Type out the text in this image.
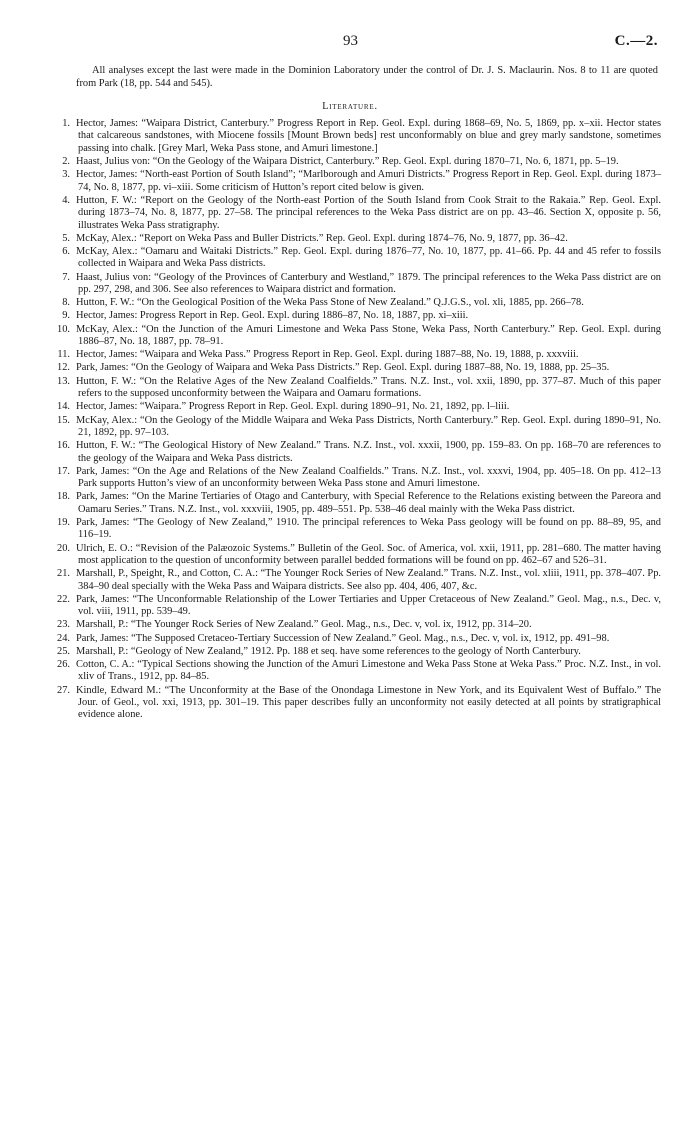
93	C.—2.

All analyses except the last were made in the Dominion Laboratory under the control of Dr. J. S. Maclaurin. Nos. 8 to 11 are quoted from Park (18, pp. 544 and 545).

Literature.
1. Hector, James: “Waipara District, Canterbury.” Progress Report in Rep. Geol. Expl. during 1868–69, No. 5, 1869, pp. x–xii. Hector states that calcareous sandstones, with Miocene fossils [Mount Brown beds] rest unconformably on blue and grey marly sandstone, sometimes passing into chalk. [Grey Marl, Weka Pass stone, and Amuri limestone.]
2. Haast, Julius von: “On the Geology of the Waipara District, Canterbury.” Rep. Geol. Expl. during 1870–71, No. 6, 1871, pp. 5–19.
3. Hector, James: “North-east Portion of South Island”; “Marlborough and Amuri Districts.” Progress Report in Rep. Geol. Expl. during 1873–74, No. 8, 1877, pp. vi–xiii. Some criticism of Hutton’s report cited below is given.
4. Hutton, F. W.: “Report on the Geology of the North-east Portion of the South Island from Cook Strait to the Rakaia.” Rep. Geol. Expl. during 1873–74, No. 8, 1877, pp. 27–58. The principal references to the Weka Pass district are on pp. 43–46. Section X, opposite p. 56, illustrates Weka Pass stratigraphy.
5. McKay, Alex.: “Report on Weka Pass and Buller Districts.” Rep. Geol. Expl. during 1874–76, No. 9, 1877, pp. 36–42.
6. McKay, Alex.: “Oamaru and Waitaki Districts.” Rep. Geol. Expl. during 1876–77, No. 10, 1877, pp. 41–66. Pp. 44 and 45 refer to fossils collected in Waipara and Weka Pass districts.
7. Haast, Julius von: “Geology of the Provinces of Canterbury and Westland,” 1879. The principal references to the Weka Pass district are on pp. 297, 298, and 306. See also references to Waipara district and formation.
8. Hutton, F. W.: “On the Geological Position of the Weka Pass Stone of New Zealand.” Q.J.G.S., vol. xli, 1885, pp. 266–78.
9. Hector, James: Progress Report in Rep. Geol. Expl. during 1886–87, No. 18, 1887, pp. xi–xiii.
10. McKay, Alex.: “On the Junction of the Amuri Limestone and Weka Pass Stone, Weka Pass, North Canterbury.” Rep. Geol. Expl. during 1886–87, No. 18, 1887, pp. 78–91.
11. Hector, James: “Waipara and Weka Pass.” Progress Report in Rep. Geol. Expl. during 1887–88, No. 19, 1888, p. xxxviii.
12. Park, James: “On the Geology of Waipara and Weka Pass Districts.” Rep. Geol. Expl. during 1887–88, No. 19, 1888, pp. 25–35.
13. Hutton, F. W.: “On the Relative Ages of the New Zealand Coalfields.” Trans. N.Z. Inst., vol. xxii, 1890, pp. 377–87. Much of this paper refers to the supposed unconformity between the Waipara and Oamaru formations.
14. Hector, James: “Waipara.” Progress Report in Rep. Geol. Expl. during 1890–91, No. 21, 1892, pp. l–liii.
15. McKay, Alex.: “On the Geology of the Middle Waipara and Weka Pass Districts, North Canterbury.” Rep. Geol. Expl. during 1890–91, No. 21, 1892, pp. 97–103.
16. Hutton, F. W.: “The Geological History of New Zealand.” Trans. N.Z. Inst., vol. xxxii, 1900, pp. 159–83. On pp. 168–70 are references to the geology of the Waipara and Weka Pass districts.
17. Park, James: “On the Age and Relations of the New Zealand Coalfields.” Trans. N.Z. Inst., vol. xxxvi, 1904, pp. 405–18. On pp. 412–13 Park supports Hutton’s view of an unconformity between Weka Pass stone and Amuri limestone.
18. Park, James: “On the Marine Tertiaries of Otago and Canterbury, with Special Reference to the Relations existing between the Pareora and Oamaru Series.” Trans. N.Z. Inst., vol. xxxviii, 1905, pp. 489–551. Pp. 538–46 deal mainly with the Weka Pass district.
19. Park, James: “The Geology of New Zealand,” 1910. The principal references to Weka Pass geology will be found on pp. 88–89, 95, and 116–19.
20. Ulrich, E. O.: “Revision of the Palæozoic Systems.” Bulletin of the Geol. Soc. of America, vol. xxii, 1911, pp. 281–680. The matter having most application to the question of unconformity between parallel bedded formations will be found on pp. 462–67 and 526–31.
21. Marshall, P., Speight, R., and Cotton, C. A.: “The Younger Rock Series of New Zealand.” Trans. N.Z. Inst., vol. xliii, 1911, pp. 378–407. Pp. 384–90 deal specially with the Weka Pass and Waipara districts. See also pp. 404, 406, 407, &c.
22. Park, James: “The Unconformable Relationship of the Lower Tertiaries and Upper Cretaceous of New Zealand.” Geol. Mag., n.s., Dec. v, vol. viii, 1911, pp. 539–49.
23. Marshall, P.: “The Younger Rock Series of New Zealand.” Geol. Mag., n.s., Dec. v, vol. ix, 1912, pp. 314–20.
24. Park, James: “The Supposed Cretaceo-Tertiary Succession of New Zealand.” Geol. Mag., n.s., Dec. v, vol. ix, 1912, pp. 491–98.
25. Marshall, P.: “Geology of New Zealand,” 1912. Pp. 188 et seq. have some references to the geology of North Canterbury.
26. Cotton, C. A.: “Typical Sections showing the Junction of the Amuri Limestone and Weka Pass Stone at Weka Pass.” Proc. N.Z. Inst., in vol. xliv of Trans., 1912, pp. 84–85.
27. Kindle, Edward M.: “The Unconformity at the Base of the Onondaga Limestone in New York, and its Equivalent West of Buffalo.” The Jour. of Geol., vol. xxi, 1913, pp. 301–19. This paper describes fully an unconformity not easily detected at all points by stratigraphical evidence alone.
